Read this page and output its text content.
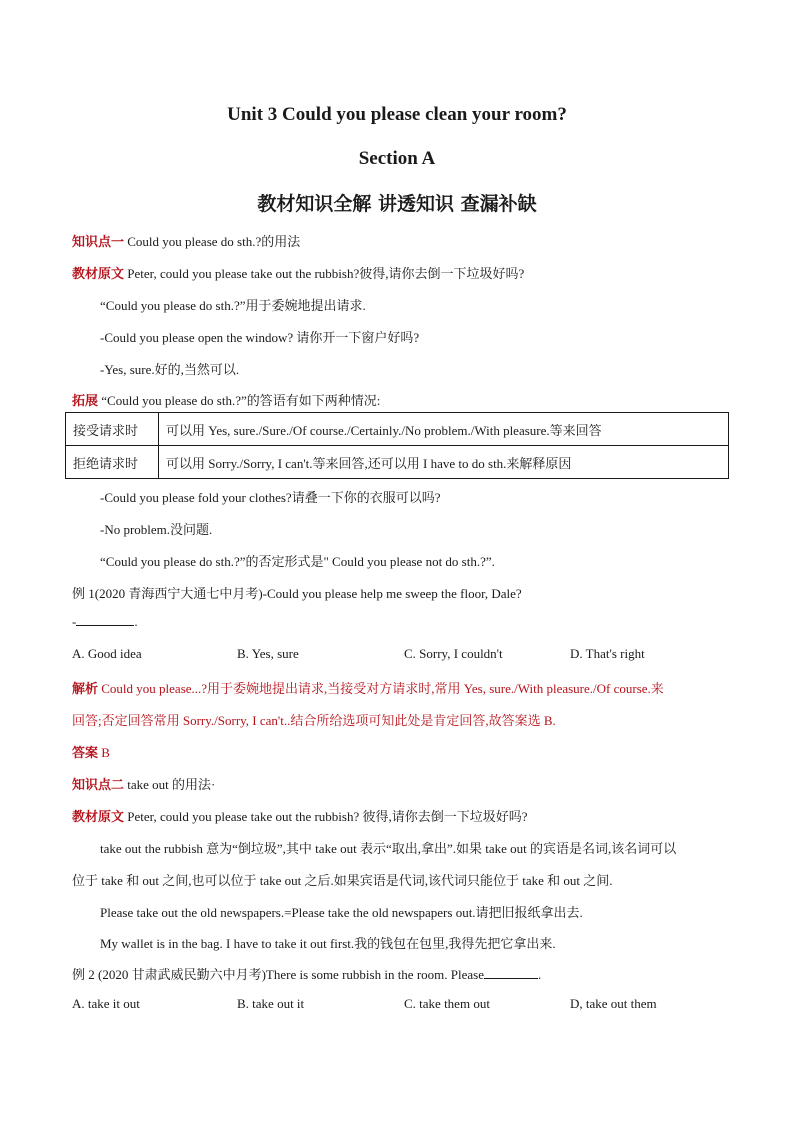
Unit 3 Could you please clean your room?
Section A
教材知识全解 讲透知识 查漏补缺
知识点一 Could you please do sth.?的用法
教材原文 Peter, could you please take out the rubbish?彼得,请你去倒一下垃圾好吗?
“Could you please do sth.?”用于委婉地提出请求.
-Could you please open the window? 请你开一下窗户好吗?
-Yes, sure.好的,当然可以.
拓展 “Could you please do sth.?”的答语有如下两种情况:
接受请求时	可以用 Yes, sure./Sure./Of course./Certainly./No problem./With pleasure.等来回答
拒绝请求时	可以用 Sorry./Sorry, I can't.等来回答,还可以用 I have to do sth.来解释原因
-Could you please fold your clothes?请叠一下你的衣服可以吗?
-No problem.没问题.
“Could you please do sth.?”的否定形式是" Could you please not do sth.?”.
例 1(2020 青海西宁大通七中月考)-Could you please help me sweep the floor, Dale?
-	.
A. Good idea	B. Yes, sure	C. Sorry, I couldn't	D. That's right
解析 Could you please...?用于委婉地提出请求,当接受对方请求时,常用 Yes, sure./With pleasure./Of course.来
回答;否定回答常用 Sorry./Sorry, I can't..结合所给选项可知此处是肯定回答,故答案选 B.
答案 B
知识点二 take out 的用法·
教材原文 Peter, could you please take out the rubbish? 彼得,请你去倒一下垃圾好吗?
take out the rubbish 意为“倒垃圾”,其中 take out 表示“取出,拿出”.如果 take out 的宾语是名词,该名词可以
位于 take 和 out 之间,也可以位于 take out 之后.如果宾语是代词,该代词只能位于 take 和 out 之间.
Please take out the old newspapers.=Please take the old newspapers out.请把旧报纸拿出去.
My wallet is in the bag. I have to take it out first.我的钱包在包里,我得先把它拿出来.
例 2 (2020 甘肃武威民勤六中月考)There is some rubbish in the room. Please	.
A. take it out	B. take out it	C. take them out	D, take out them
